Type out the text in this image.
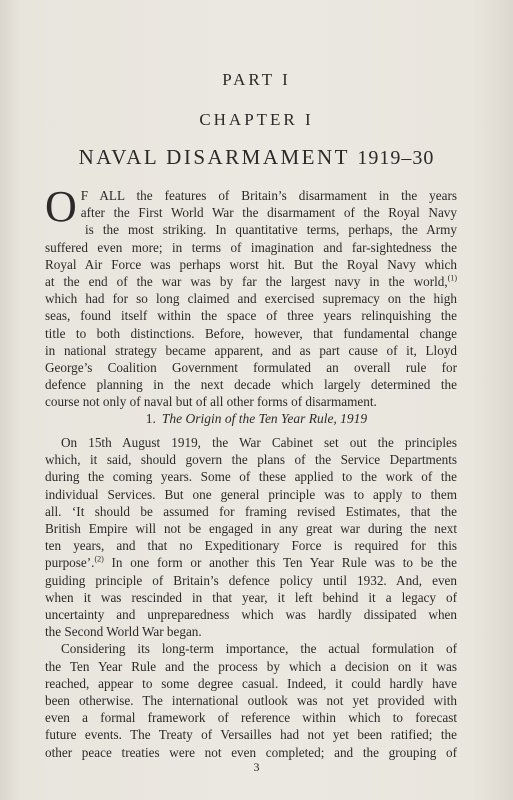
PART I
CHAPTER I
NAVAL DISARMAMENT 1919–30
O F ALL the features of Britain’s disarmament in the years
after the First World War the disarmament of the Royal Navy
is the most striking. In quantitative terms, perhaps, the Army
suffered even more; in terms of imagination and far-sightedness the
Royal Air Force was perhaps worst hit. But the Royal Navy which
at the end of the war was by far the largest navy in the world,$^{(1)}$
which had for so long claimed and exercised supremacy on the high
seas, found itself within the space of three years relinquishing the
title to both distinctions. Before, however, that fundamental change
in national strategy became apparent, and as part cause of it, Lloyd
George’s Coalition Government formulated an overall rule for
defence planning in the next decade which largely determined the
course not only of naval but of all other forms of disarmament.
1. The Origin of the Ten Year Rule, 1919
On 15th August 1919, the War Cabinet set out the principles
which, it said, should govern the plans of the Service Departments
during the coming years. Some of these applied to the work of the
individual Services. But one general principle was to apply to them
all. ‘It should be assumed for framing revised Estimates, that the
British Empire will not be engaged in any great war during the next
ten years, and that no Expeditionary Force is required for this
purpose’.$^{(2)}$ In one form or another this Ten Year Rule was to be the
guiding principle of Britain’s defence policy until 1932. And, even
when it was rescinded in that year, it left behind it a legacy of
uncertainty and unpreparedness which was hardly dissipated when
the Second World War began.
Considering its long-term importance, the actual formulation of
the Ten Year Rule and the process by which a decision on it was
reached, appear to some degree casual. Indeed, it could hardly have
been otherwise. The international outlook was not yet provided with
even a formal framework of reference within which to forecast
future events. The Treaty of Versailles had not yet been ratified; the
other peace treaties were not even completed; and the grouping of
3
